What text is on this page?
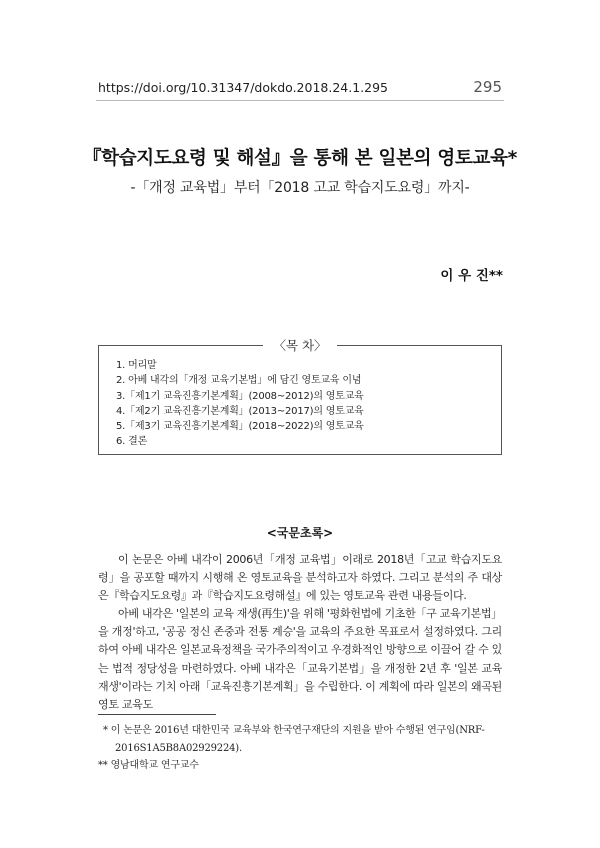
https://doi.org/10.31347/dokdo.2018.24.1.295	295
『학습지도요령 및 해설』을 통해 본 일본의 영토교육*
-「개정 교육법」부터「2018 고교 학습지도요령」까지-
이 우 진**
〈목 차〉
1. 머리말
2. 아베 내각의「개정 교육기본법」에 담긴 영토교육 이념
3.「제1기 교육진흥기본계획」(2008~2012)의 영토교육
4.「제2기 교육진흥기본계획」(2013~2017)의 영토교육
5.「제3기 교육진흥기본계획」(2018~2022)의 영토교육
6. 결론
<국문초록>

이 논문은 아베 내각이 2006년「개정 교육법」이래로 2018년「고교 학습지도요령」을 공포할 때까지 시행해 온 영토교육을 분석하고자 하였다. 그리고 분석의 주 대상은『학습지도요령』과『학습지도요령해설』에 있는 영토교육 관련 내용들이다.

아베 내각은 '일본의 교육 재생(再生)'을 위해 '평화헌법에 기초한「구 교육기본법」을 개정'하고, '공공 정신 존중과 전통 계승'을 교육의 주요한 목표로서 설정하였다. 그리하여 아베 내각은 일본교육정책을 국가주의적이고 우경화적인 방향으로 이끌어 갈 수 있는 법적 정당성을 마련하였다. 아베 내각은「교육기본법」을 개정한 2년 후 '일본 교육 재생'이라는 기치 아래「교육진흥기본계획」을 수립한다. 이 계획에 따라 일본의 왜곡된 영토 교육도

* 이 논문은 2016년 대한민국 교육부와 한국연구재단의 지원을 받아 수행된 연구임(NRF-2016S1A5B8A02929224).

** 영남대학교 연구교수
